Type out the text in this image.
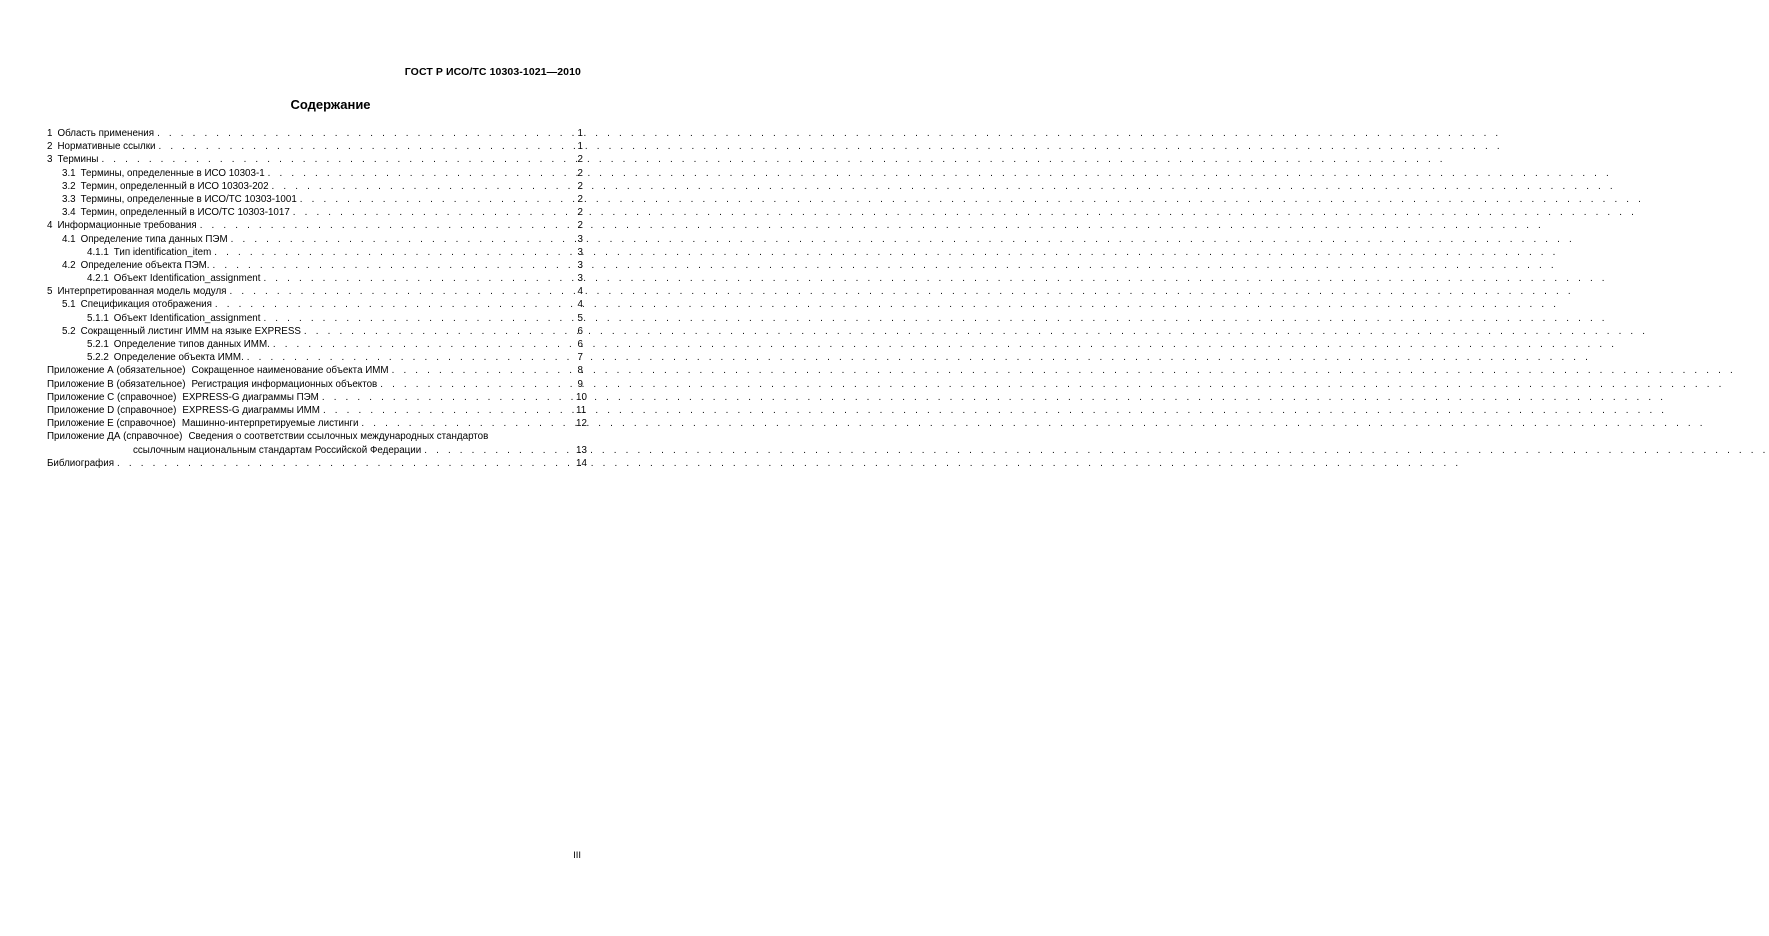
ГОСТ Р ИСО/ТС 10303-1021—2010
Содержание
1 Область применения . . .	1
2 Нормативные ссылки . . .	1
3 Термины . . .	2
3.1 Термины, определенные в ИСО 10303-1 . . .	2
3.2 Термин, определенный в ИСО 10303-202 . . .	2
3.3 Термины, определенные в ИСО/ТС 10303-1001 . . .	2
3.4 Термин, определенный в ИСО/ТС 10303-1017 . . .	2
4 Информационные требования . . .	2
4.1 Определение типа данных ПЭМ . . .	3
4.1.1 Тип identification_item . . .	3
4.2 Определение объекта ПЭМ. . . .	3
4.2.1 Объект Identification_assignment . . .	3
5 Интерпретированная модель модуля . . .	4
5.1 Спецификация отображения . . .	4
5.1.1 Объект Identification_assignment . . .	5
5.2 Сокращенный листинг ИММ на языке EXPRESS . . .	6
5.2.1 Определение типов данных ИММ. . . .	6
5.2.2 Определение объекта ИММ. . . .	7
Приложение А (обязательное) Сокращенное наименование объекта ИММ . . .	8
Приложение В (обязательное) Регистрация информационных объектов . . .	9
Приложение С (справочное) EXPRESS-G диаграммы ПЭМ . . .	10
Приложение D (справочное) EXPRESS-G диаграммы ИММ . . .	11
Приложение E (справочное) Машинно-интерпретируемые листинги . . .	12
Приложение ДА (справочное) Сведения о соответствии ссылочных международных стандартов
ссылочным национальным стандартам Российской Федерации . . .	13
Библиография . . .	14
III
